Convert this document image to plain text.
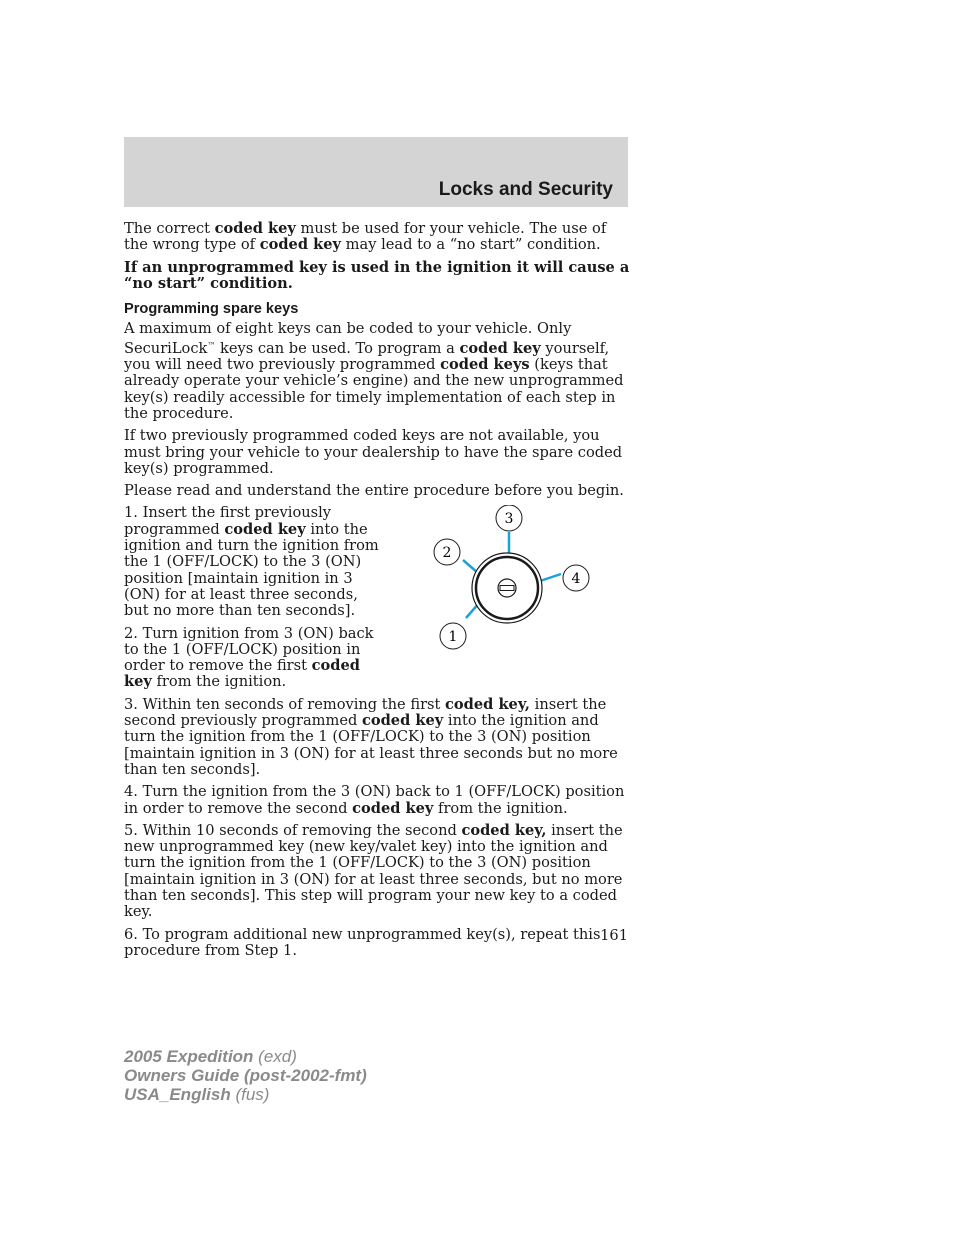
Locks and Security

The correct coded key must be used for your vehicle. The use of the wrong type of coded key may lead to a “no start” condition.

If an unprogrammed key is used in the ignition it will cause a “no start” condition.

Programming spare keys

A maximum of eight keys can be coded to your vehicle. Only SecuriLock™ keys can be used. To program a coded key yourself, you will need two previously programmed coded keys (keys that already operate your vehicle’s engine) and the new unprogrammed key(s) readily accessible for timely implementation of each step in the procedure.

If two previously programmed coded keys are not available, you must bring your vehicle to your dealership to have the spare coded key(s) programmed.

Please read and understand the entire procedure before you begin.

1. Insert the first previously programmed coded key into the ignition and turn the ignition from the 1 (OFF/LOCK) to the 3 (ON) position [maintain ignition in 3 (ON) for at least three seconds, but no more than ten seconds].

2. Turn ignition from 3 (ON) back to the 1 (OFF/LOCK) position in order to remove the first coded key from the ignition.

3
2
4
1

3. Within ten seconds of removing the first coded key, insert the second previously programmed coded key into the ignition and turn the ignition from the 1 (OFF/LOCK) to the 3 (ON) position [maintain ignition in 3 (ON) for at least three seconds but no more than ten seconds].

4. Turn the ignition from the 3 (ON) back to 1 (OFF/LOCK) position in order to remove the second coded key from the ignition.

5. Within 10 seconds of removing the second coded key, insert the new unprogrammed key (new key/valet key) into the ignition and turn the ignition from the 1 (OFF/LOCK) to the 3 (ON) position [maintain ignition in 3 (ON) for at least three seconds, but no more than ten seconds]. This step will program your new key to a coded key.

6. To program additional new unprogrammed key(s), repeat this procedure from Step 1.

161
2005 Expedition (exd)
Owners Guide (post-2002-fmt)
USA_English (fus)
